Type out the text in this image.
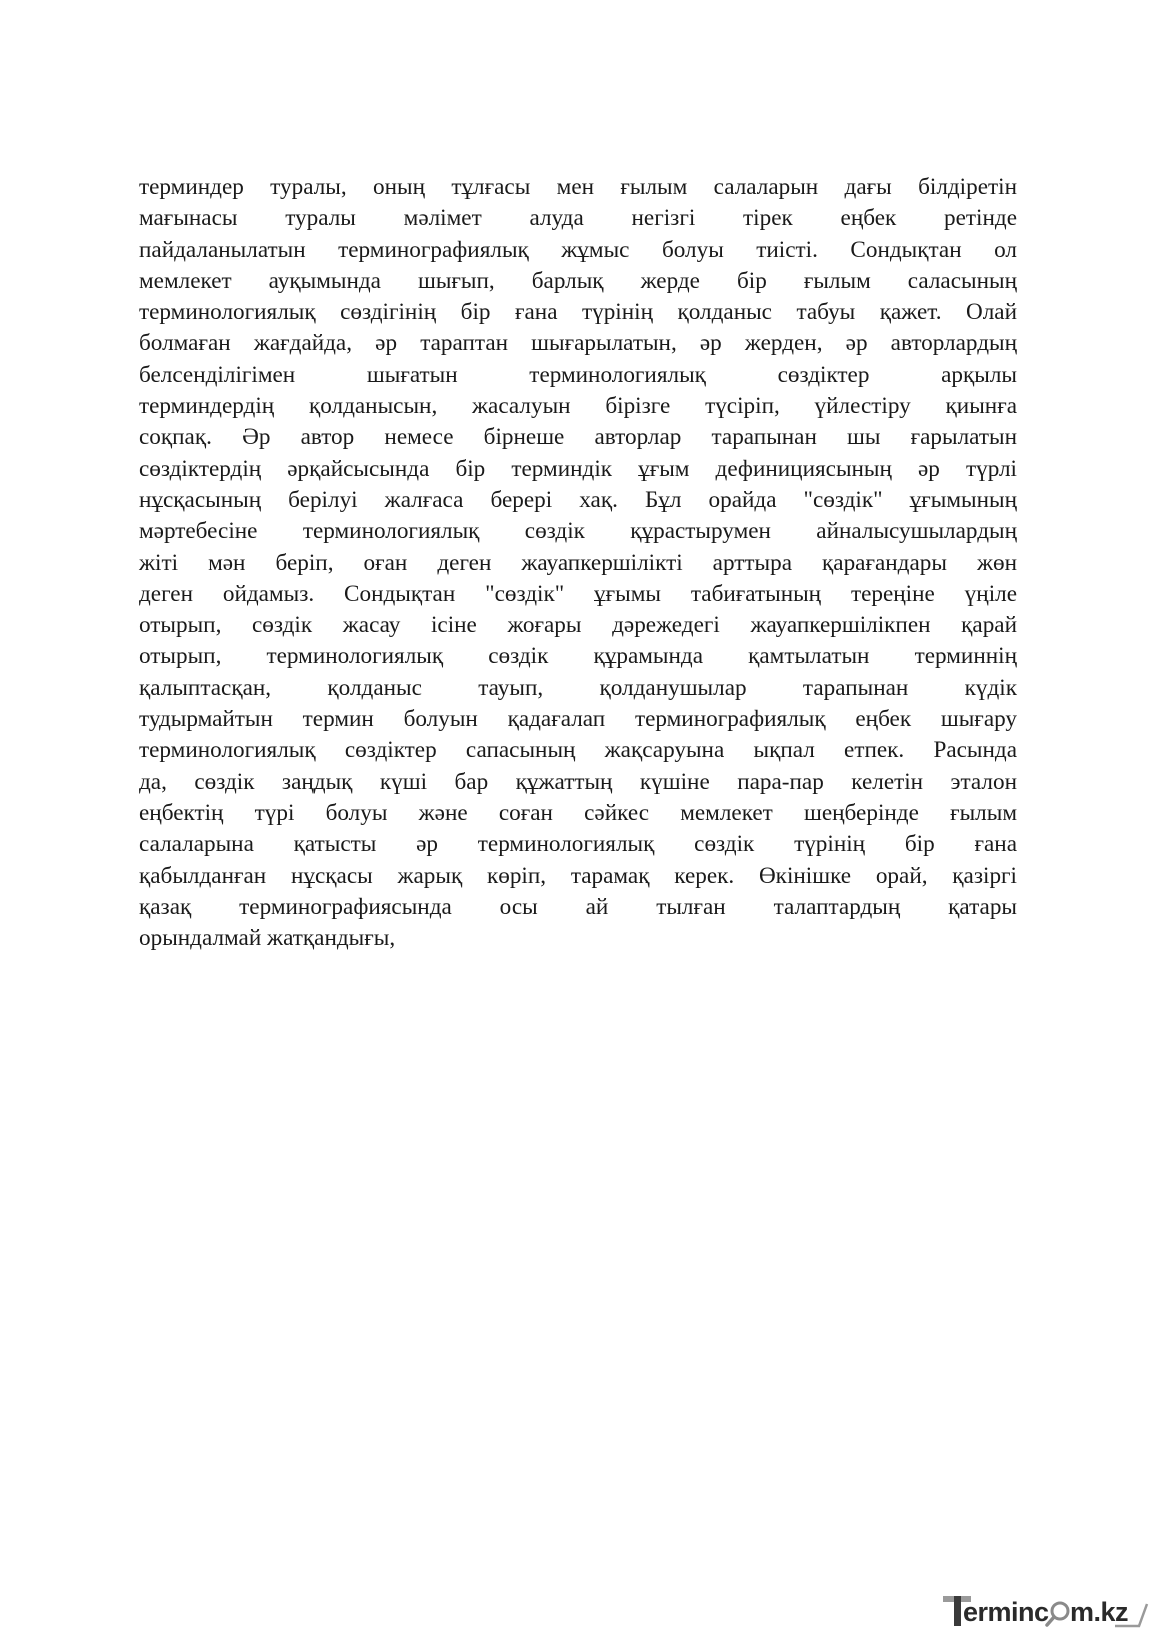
терминдер туралы, оның тұлғасы мен ғылым салаларын дағы білдіретін
мағынасы туралы мәлімет алуда негізгі тірек еңбек ретінде
пайдаланылатын терминографиялық жұмыс болуы тиісті. Сондықтан ол
мемлекет ауқымында шығып, барлық жерде бір ғылым саласының
терминологиялық сөздігінің бір ғана түрінің қолданыс табуы қажет. Олай
болмаған жағдайда, әр тараптан шығарылатын, әр жерден, әр авторлардың
белсенділігімен шығатын терминологиялық сөздіктер арқылы
терминдердің қолданысын, жасалуын бірізге түсіріп, үйлестіру қиынға
соқпақ. Әр автор немесе бірнеше авторлар тарапынан шы ғарылатын
сөздіктердің әрқайсысында бір терминдік ұғым дефинициясының әр түрлі
нұсқасының берілуі жалғаса берері хақ. Бұл орайда "сөздік" ұғымының
мәртебесіне терминологиялық сөздік құрастырумен айналысушылардың
жіті мән беріп, оған деген жауапкершілікті арттыра қарағандары жөн
деген ойдамыз. Сондықтан "сөздік" ұғымы табиғатының тереңіне үңіле
отырып, сөздік жасау ісіне жоғары дәрежедегі жауапкершілікпен қарай
отырып, терминологиялық сөздік құрамында қамтылатын терминнің
қалыптасқан, қолданыс тауып, қолданушылар тарапынан күдік
тудырмайтын термин болуын қадағалап терминографиялық еңбек шығару
терминологиялық сөздіктер сапасының жақсаруына ықпал етпек. Расында
да, сөздік заңдық күші бар құжаттың күшіне пара-пар келетін эталон
еңбектің түрі болуы және соған сәйкес мемлекет шеңберінде ғылым
салаларына қатысты әр терминологиялық сөздік түрінің бір ғана
қабылданған нұсқасы жарық көріп, тарамақ керек. Өкінішке орай, қазіргі
қазақ терминографиясында осы ай тылған талаптардың қатары
орындалмай жатқандығы,
erminc m.kz
